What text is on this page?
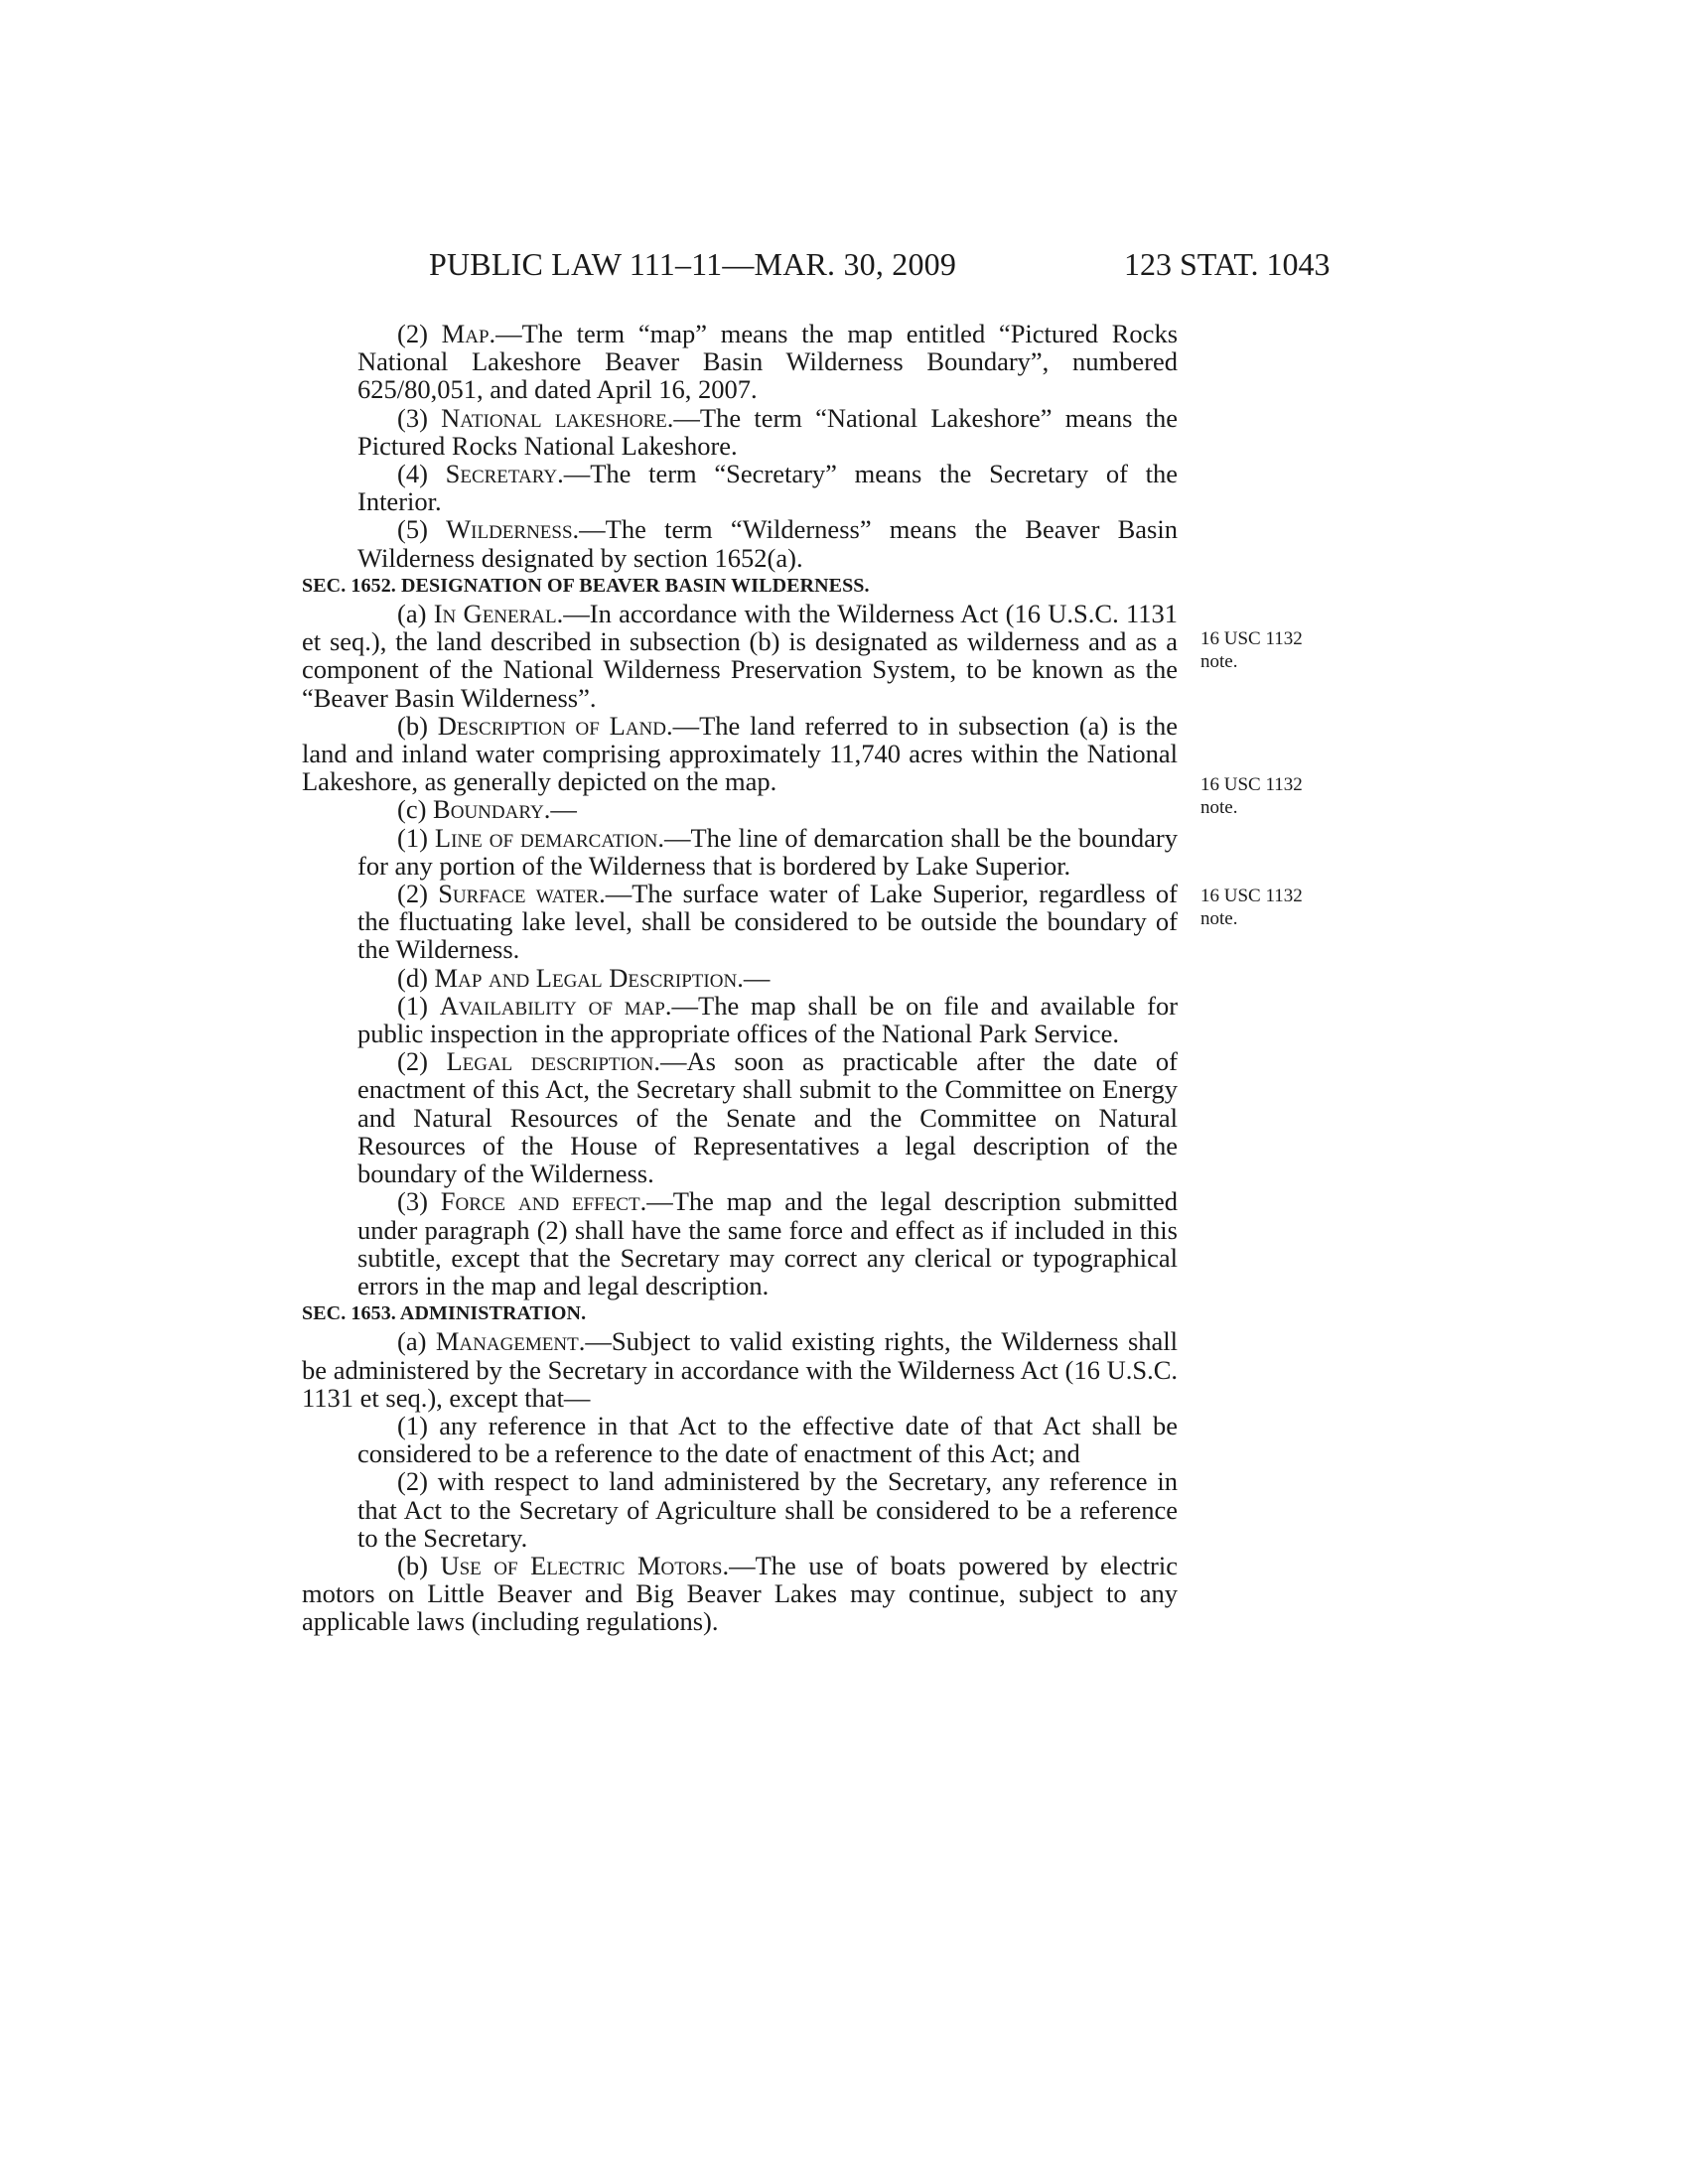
PUBLIC LAW 111–11—MAR. 30, 2009	123 STAT. 1043

(2) Map.—The term “map” means the map entitled “Pictured Rocks National Lakeshore Beaver Basin Wilderness Boundary”, numbered 625/80,051, and dated April 16, 2007.

(3) National lakeshore.—The term “National Lakeshore” means the Pictured Rocks National Lakeshore.

(4) Secretary.—The term “Secretary” means the Secretary of the Interior.

(5) Wilderness.—The term “Wilderness” means the Beaver Basin Wilderness designated by section 1652(a).

SEC. 1652. DESIGNATION OF BEAVER BASIN WILDERNESS.

(a) In General.—In accordance with the Wilderness Act (16 U.S.C. 1131 et seq.), the land described in subsection (b) is designated as wilderness and as a component of the National Wilderness Preservation System, to be known as the “Beaver Basin Wilderness”.

(b) Description of Land.—The land referred to in subsection (a) is the land and inland water comprising approximately 11,740 acres within the National Lakeshore, as generally depicted on the map.

(c) Boundary.—

(1) Line of demarcation.—The line of demarcation shall be the boundary for any portion of the Wilderness that is bordered by Lake Superior.

(2) Surface water.—The surface water of Lake Superior, regardless of the fluctuating lake level, shall be considered to be outside the boundary of the Wilderness.

(d) Map and Legal Description.—

(1) Availability of map.—The map shall be on file and available for public inspection in the appropriate offices of the National Park Service.

(2) Legal description.—As soon as practicable after the date of enactment of this Act, the Secretary shall submit to the Committee on Energy and Natural Resources of the Senate and the Committee on Natural Resources of the House of Representatives a legal description of the boundary of the Wilderness.

(3) Force and effect.—The map and the legal description submitted under paragraph (2) shall have the same force and effect as if included in this subtitle, except that the Secretary may correct any clerical or typographical errors in the map and legal description.

SEC. 1653. ADMINISTRATION.

(a) Management.—Subject to valid existing rights, the Wilderness shall be administered by the Secretary in accordance with the Wilderness Act (16 U.S.C. 1131 et seq.), except that—

(1) any reference in that Act to the effective date of that Act shall be considered to be a reference to the date of enactment of this Act; and

(2) with respect to land administered by the Secretary, any reference in that Act to the Secretary of Agriculture shall be considered to be a reference to the Secretary.

(b) Use of Electric Motors.—The use of boats powered by electric motors on Little Beaver and Big Beaver Lakes may continue, subject to any applicable laws (including regulations).

16 USC 1132
note.
16 USC 1132
note.
16 USC 1132
note.
